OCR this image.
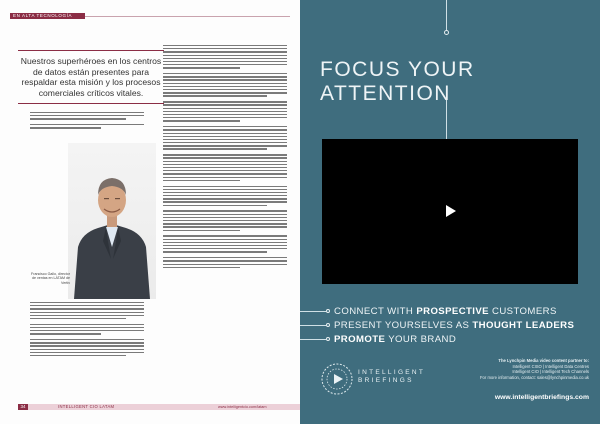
EN ALTA TECNOLOGÍA
Nuestros superhéroes en los centros de datos están presentes para respaldar esta misión y los procesos comerciales críticos vitales.
Francisco Gallo, director de ventas en LATAM de Vertiv
34	INTELLIGENT CIO LATAM	www.intelligentcio.com/latam
FOCUS YOUR
ATTENTION
CONNECT WITH PROSPECTIVE CUSTOMERS
PRESENT YOURSELVES AS THOUGHT LEADERS
PROMOTE YOUR BRAND
INTELLIGENT
BRIEFINGS
The Lynchpin Media video content partner to:
Intelligent CISO | Intelligent Data Centres
Intelligent CIO | Intelligent Tech Channels
For more information, contact: sales@lynchpinmedia.co.uk
www.intelligentbriefings.com
